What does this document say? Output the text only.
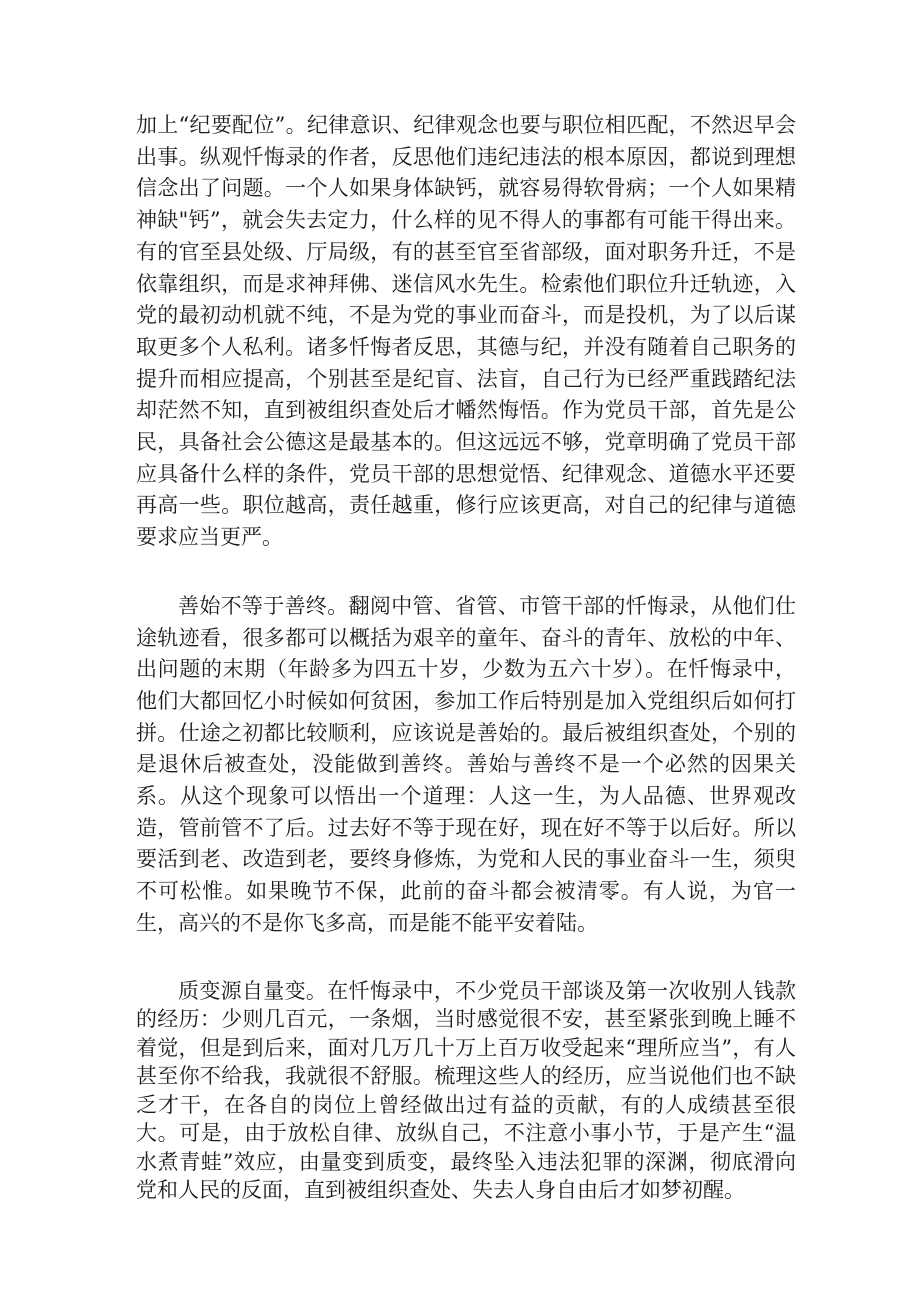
加上“纪要配位”。纪律意识、纪律观念也要与职位相匹配，不然迟早会出事。纵观忏悔录的作者，反思他们违纪违法的根本原因，都说到理想信念出了问题。一个人如果身体缺钙，就容易得软骨病；一个人如果精神缺"钙”，就会失去定力，什么样的见不得人的事都有可能干得出来。有的官至县处级、厅局级，有的甚至官至省部级，面对职务升迁，不是依靠组织，而是求神拜佛、迷信风水先生。检索他们职位升迁轨迹，入党的最初动机就不纯，不是为党的事业而奋斗，而是投机，为了以后谋取更多个人私利。诸多忏悔者反思，其德与纪，并没有随着自己职务的提升而相应提高，个别甚至是纪盲、法盲，自己行为已经严重践踏纪法却茫然不知，直到被组织查处后才幡然悔悟。作为党员干部，首先是公民，具备社会公德这是最基本的。但这远远不够，党章明确了党员干部应具备什么样的条件，党员干部的思想觉悟、纪律观念、道德水平还要再高一些。职位越高，责任越重，修行应该更高，对自己的纪律与道德要求应当更严。

善始不等于善终。翻阅中管、省管、市管干部的忏悔录，从他们仕途轨迹看，很多都可以概括为艰辛的童年、奋斗的青年、放松的中年、出问题的末期（年龄多为四五十岁，少数为五六十岁）。在忏悔录中，他们大都回忆小时候如何贫困，参加工作后特别是加入党组织后如何打拼。仕途之初都比较顺利，应该说是善始的。最后被组织查处，个别的是退休后被查处，没能做到善终。善始与善终不是一个必然的因果关系。从这个现象可以悟出一个道理：人这一生，为人品德、世界观改造，管前管不了后。过去好不等于现在好，现在好不等于以后好。所以要活到老、改造到老，要终身修炼，为党和人民的事业奋斗一生，须臾不可松惟。如果晚节不保，此前的奋斗都会被清零。有人说，为官一生，高兴的不是你飞多高，而是能不能平安着陆。

质变源自量变。在忏悔录中，不少党员干部谈及第一次收别人钱款的经历：少则几百元，一条烟，当时感觉很不安，甚至紧张到晚上睡不着觉，但是到后来，面对几万几十万上百万收受起来“理所应当”，有人甚至你不给我，我就很不舒服。梳理这些人的经历，应当说他们也不缺乏才干，在各自的岗位上曾经做出过有益的贡献，有的人成绩甚至很大。可是，由于放松自律、放纵自己，不注意小事小节，于是产生“温水煮青蛙”效应，由量变到质变，最终坠入违法犯罪的深渊，彻底滑向党和人民的反面，直到被组织查处、失去人身自由后才如梦初醒。
